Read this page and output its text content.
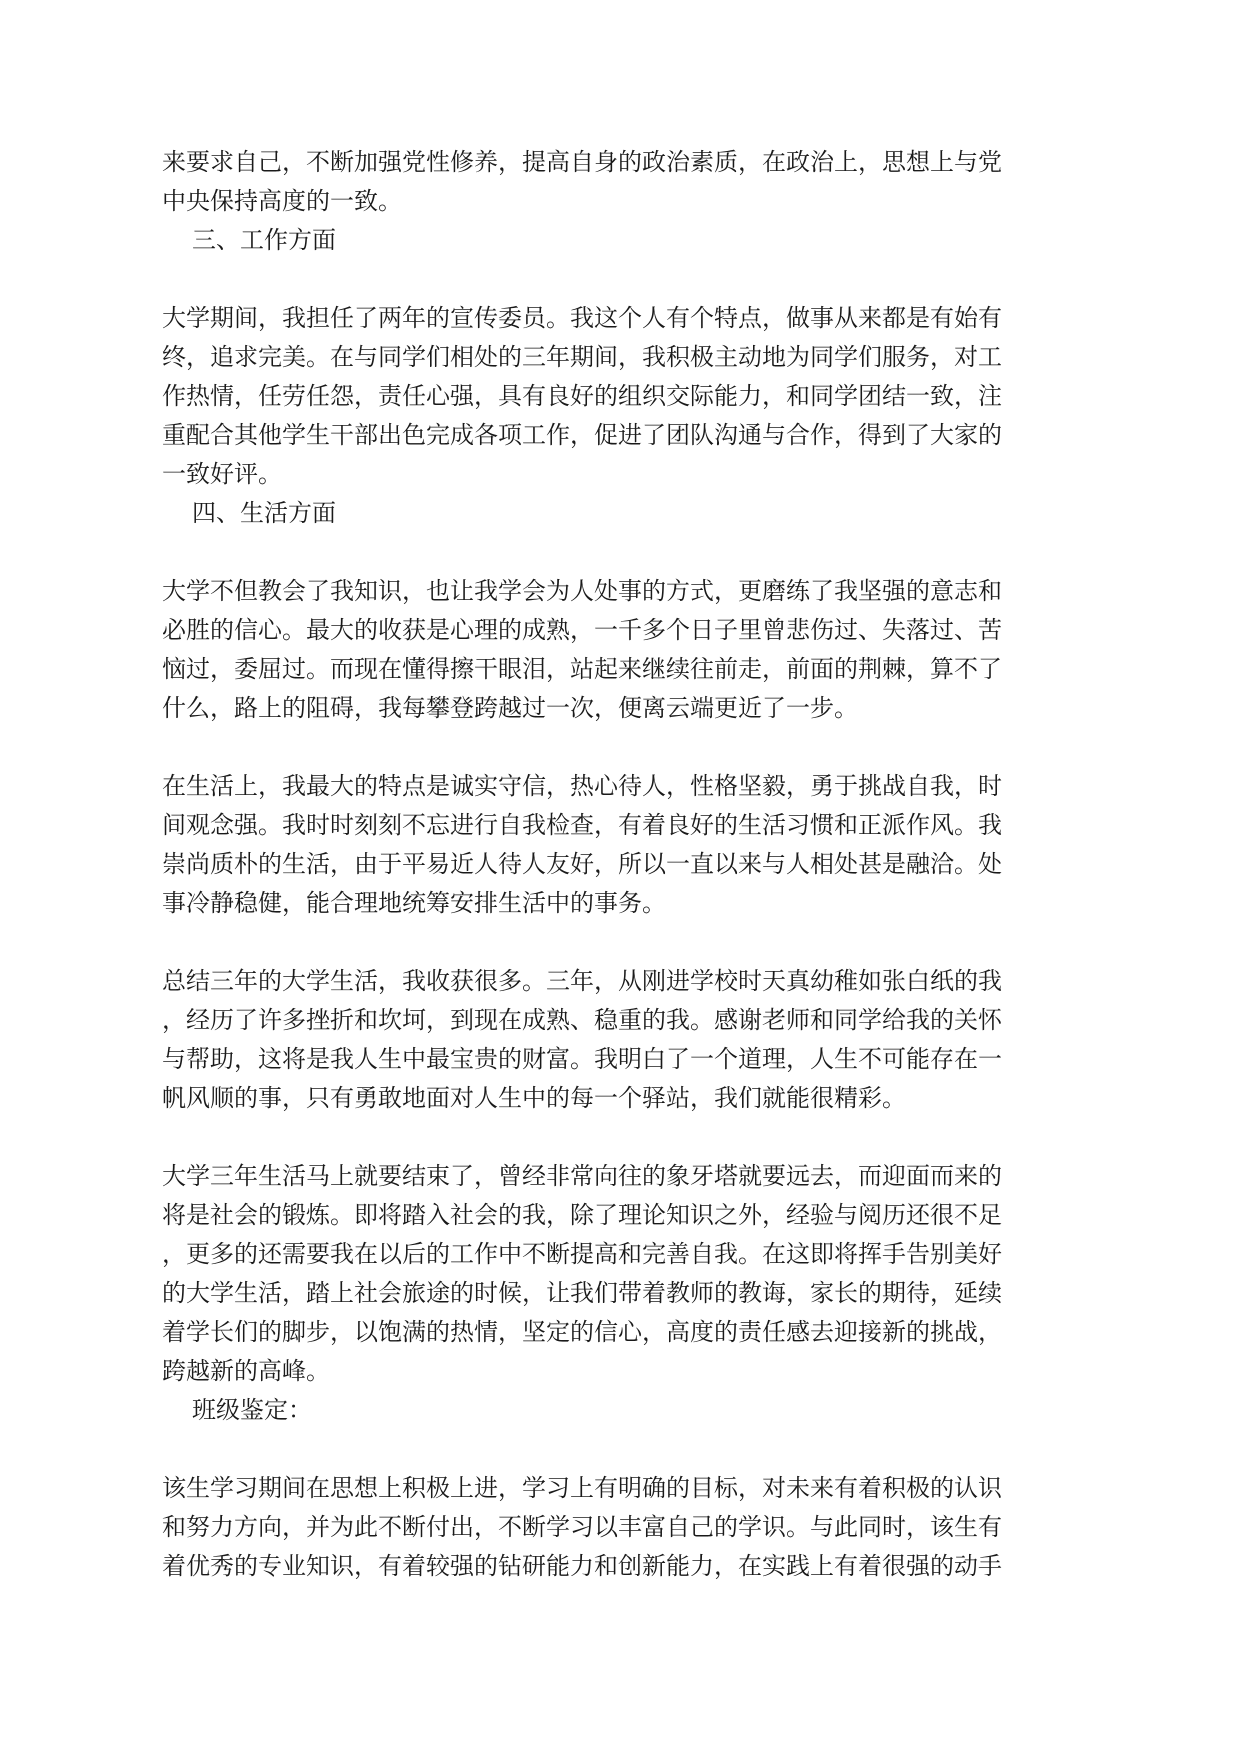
来要求自己，不断加强党性修养，提高自身的政治素质，在政治上，思想上与党
中央保持高度的一致。

三、工作方面

大学期间，我担任了两年的宣传委员。我这个人有个特点，做事从来都是有始有
终，追求完美。在与同学们相处的三年期间，我积极主动地为同学们服务，对工
作热情，任劳任怨，责任心强，具有良好的组织交际能力，和同学团结一致，注
重配合其他学生干部出色完成各项工作，促进了团队沟通与合作，得到了大家的
一致好评。

四、生活方面

大学不但教会了我知识，也让我学会为人处事的方式，更磨练了我坚强的意志和
必胜的信心。最大的收获是心理的成熟，一千多个日子里曾悲伤过、失落过、苦
恼过，委屈过。而现在懂得擦干眼泪，站起来继续往前走，前面的荆棘，算不了
什么，路上的阻碍，我每攀登跨越过一次，便离云端更近了一步。

在生活上，我最大的特点是诚实守信，热心待人，性格坚毅，勇于挑战自我，时
间观念强。我时时刻刻不忘进行自我检查，有着良好的生活习惯和正派作风。我
崇尚质朴的生活，由于平易近人待人友好，所以一直以来与人相处甚是融洽。处
事冷静稳健，能合理地统筹安排生活中的事务。

总结三年的大学生活，我收获很多。三年，从刚进学校时天真幼稚如张白纸的我
，经历了许多挫折和坎坷，到现在成熟、稳重的我。感谢老师和同学给我的关怀
与帮助，这将是我人生中最宝贵的财富。我明白了一个道理，人生不可能存在一
帆风顺的事，只有勇敢地面对人生中的每一个驿站，我们就能很精彩。

大学三年生活马上就要结束了，曾经非常向往的象牙塔就要远去，而迎面而来的
将是社会的锻炼。即将踏入社会的我，除了理论知识之外，经验与阅历还很不足
，更多的还需要我在以后的工作中不断提高和完善自我。在这即将挥手告别美好
的大学生活，踏上社会旅途的时候，让我们带着教师的教诲，家长的期待，延续
着学长们的脚步，以饱满的热情，坚定的信心，高度的责任感去迎接新的挑战，
跨越新的高峰。

班级鉴定：

该生学习期间在思想上积极上进，学习上有明确的目标，对未来有着积极的认识
和努力方向，并为此不断付出，不断学习以丰富自己的学识。与此同时，该生有
着优秀的专业知识，有着较强的钻研能力和创新能力，在实践上有着很强的动手
